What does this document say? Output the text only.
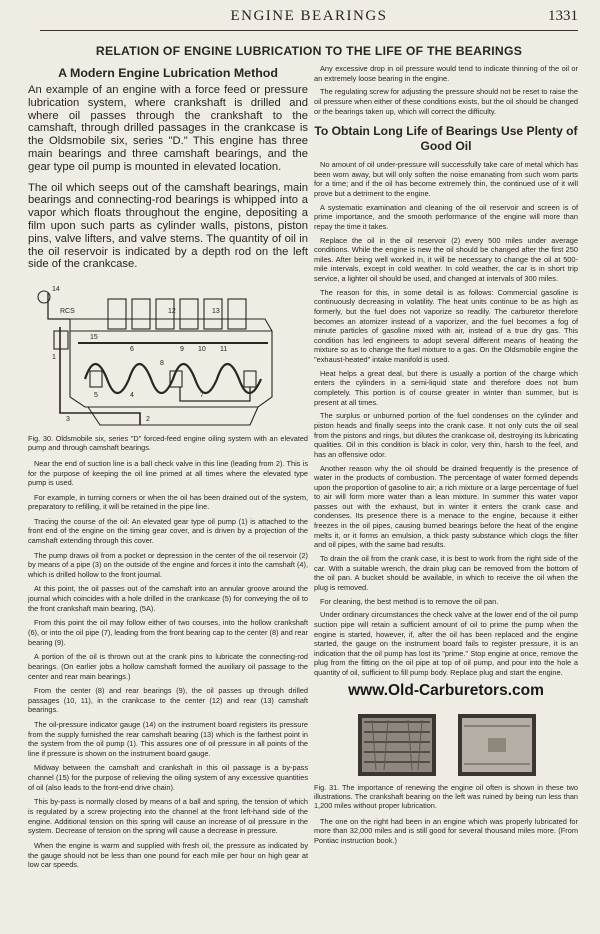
ENGINE BEARINGS	1331
RELATION OF ENGINE LUBRICATION TO THE LIFE OF THE BEARINGS
A Modern Engine Lubrication Method

An example of an engine with a force feed or pressure lubrication system, where crankshaft is drilled and where oil passes through the crankshaft to the camshaft, through drilled passages in the crankcase is the Oldsmobile six, series "D." This engine has three main bearings and three camshaft bearings, and the gear type oil pump is mounted in elevated location.

The oil which seeps out of the camshaft bearings, main bearings and connecting-rod bearings is whipped into a vapor which floats throughout the engine, depositing a film upon such parts as cylinder walls, pistons, piston pins, valve lifters, and valve stems. The quantity of oil in the oil reservoir is indicated by a depth rod on the left side of the crankcase.

14
RCS	13
12
15
6	9 10 11
8
1
5	4	7
2
3

Fig. 30. Oldsmobile six, series "D" forced-feed engine oiling system with an elevated pump and through camshaft bearings.

Near the end of suction line is a ball check valve in this line (leading from 2). This is for the purpose of keeping the oil line primed at all times where the elevated type pump is used.

For example, in turning corners or when the oil has been drained out of the system, preparatory to refilling, it will be retained in the pipe line.

Tracing the course of the oil: An elevated gear type oil pump (1) is attached to the front end of the engine on the timing gear cover, and is driven by a projection of the camshaft extending through this cover.

The pump draws oil from a pocket or depression in the center of the oil reservoir (2) by means of a pipe (3) on the outside of the engine and forces it into the camshaft (4), which is drilled hollow to the front journal.

At this point, the oil passes out of the camshaft into an annular groove around the journal which coincides with a hole drilled in the crankcase (5) for conveying the oil to the front crankshaft main bearing, (5A).

From this point the oil may follow either of two courses, into the hollow crankshaft (6), or into the oil pipe (7), leading from the front bearing cap to the center (8) and rear bearing (9).

A portion of the oil is thrown out at the crank pins to lubricate the connecting-rod bearings. (On earlier jobs a hollow camshaft formed the auxiliary oil passage to the center and rear main bearings.)

From the center (8) and rear bearings (9), the oil passes up through drilled passages (10, 11), in the crankcase to the center (12) and rear (13) camshaft bearings.

The oil-pressure indicator gauge (14) on the instrument board registers its pressure from the supply furnished the rear camshaft bearing (13) which is the farthest point in the system from the oil pump (1). This assures one of oil pressure in all points of the line if pressure is shown on the instrument board gauge.

Midway between the camshaft and crankshaft in this oil passage is a by-pass channel (15) for the purpose of relieving the oiling system of any excessive quantities of oil (also leads to the front-end drive chain).

This by-pass is normally closed by means of a ball and spring, the tension of which is regulated by a screw projecting into the channel at the front left-hand side of the engine. Additional tension on this spring will cause an increase of oil pressure in the system. Decrease of tension on the spring will cause a decrease in pressure.

When the engine is warm and supplied with fresh oil, the pressure as indicated by the gauge should not be less than one pound for each mile per hour on high gear at low car speeds.

Any excessive drop in oil pressure would tend to indicate thinning of the oil or an extremely loose bearing in the engine.

The regulating screw for adjusting the pressure should not be reset to raise the oil pressure when either of these conditions exists, but the oil should be changed or the bearings taken up, which will correct the difficulty.

To Obtain Long Life of Bearings Use Plenty of Good Oil

No amount of oil under-pressure will successfully take care of metal which has been worn away, but will only soften the noise emanating from such worn parts for a time; and if the oil has become extremely thin, the continued use of it will prove but a detriment to the engine.

A systematic examination and cleaning of the oil reservoir and screen is of prime importance, and the smooth performance of the engine will more than repay the time it takes.

Replace the oil in the oil reservoir (2) every 500 miles under average conditions. While the engine is new the oil should be changed after the first 250 miles. After being well worked in, it will be necessary to change the oil at 500-mile intervals, except in cold weather. In cold weather, the car is in short trip service, a lighter oil should be used, and changed at intervals of 300 miles.

The reason for this, in some detail is as follows: Commercial gasoline is continuously decreasing in volatility. The heat units continue to be as high as formerly, but the fuel does not vaporize so readily. The carburetor therefore becomes an atomizer instead of a vaporizer, and the fuel becomes a fog of minute particles of gasoline mixed with air, instead of a true dry gas. This condition has led engineers to adopt several different means of heating the mixture so as to change the fuel mixture to a gas. On the Oldsmobile engine the "exhaust-heated" intake manifold is used.

Heat helps a great deal, but there is usually a portion of the charge which enters the cylinders in a semi-liquid state and therefore does not burn completely. This portion is of course greater in winter than summer, but is present at all times.

The surplus or unburned portion of the fuel condenses on the cylinder and piston heads and finally seeps into the crank case. It not only cuts the oil seal from the pistons and rings, but dilutes the crankcase oil, destroying its lubricating qualities. Oil in this condition is black in color, very thin, harsh to the feel, and has an offensive odor.

Another reason why the oil should be drained frequently is the presence of water in the products of combustion. The percentage of water formed depends upon the proportion of gasoline to air; a rich mixture or a large percentage of fuel to air will form more water than a lean mixture. In summer this water vapor passes out with the exhaust, but in winter it enters the crank case and condenses. Its presence there is a menace to the engine, because it either freezes in the oil pipes, causing burned bearings before the heat of the engine melts it, or it forms an emulsion, a thick pasty substance which clogs the filter and oil pipes, with the same bad results.

To drain the oil from the crank case, it is best to work from the right side of the car. With a suitable wrench, the drain plug can be removed from the bottom of the oil pan. A bucket should be available, in which to receive the oil when the plug is removed.

For cleaning, the best method is to remove the oil pan.

Under ordinary circumstances the check valve at the lower end of the oil pump suction pipe will retain a sufficient amount of oil to prime the pump when the engine is started, however, if, after the oil has been replaced and the engine started, the gauge on the instrument board fails to register pressure, it is an indication that the oil pump has lost its "prime." Stop engine at once, remove the plug from the fitting on the oil pipe at top of oil pump, and pour into the hole a quantity of oil, sufficient to fill pump body. Replace plug and start the engine.

www.Old-Carburetors.com

Fig. 31. The importance of renewing the engine oil often is shown in these two illustrations. The crankshaft bearing on the left was ruined by being run less than 1,200 miles without proper lubrication.

The one on the right had been in an engine which was properly lubricated for more than 32,000 miles and is still good for several thousand miles more. (From Pontiac instruction book.)
